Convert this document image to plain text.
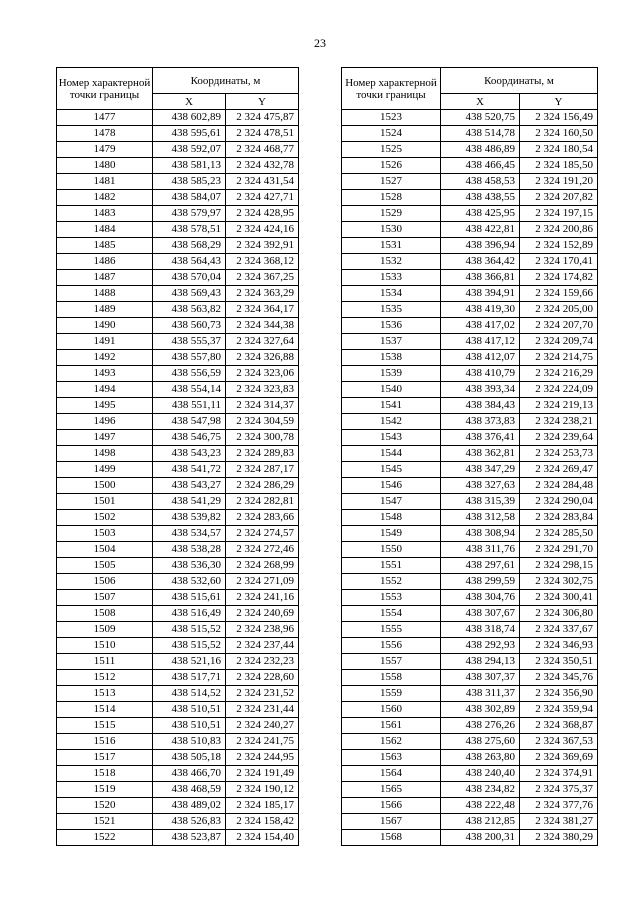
23
Номер характерной точки границы	Координаты, м	
	X	Y
1477	438 602,89	2 324 475,87
1478	438 595,61	2 324 478,51
1479	438 592,07	2 324 468,77
1480	438 581,13	2 324 432,78
1481	438 585,23	2 324 431,54
1482	438 584,07	2 324 427,71
1483	438 579,97	2 324 428,95
1484	438 578,51	2 324 424,16
1485	438 568,29	2 324 392,91
1486	438 564,43	2 324 368,12
1487	438 570,04	2 324 367,25
1488	438 569,43	2 324 363,29
1489	438 563,82	2 324 364,17
1490	438 560,73	2 324 344,38
1491	438 555,37	2 324 327,64
1492	438 557,80	2 324 326,88
1493	438 556,59	2 324 323,06
1494	438 554,14	2 324 323,83
1495	438 551,11	2 324 314,37
1496	438 547,98	2 324 304,59
1497	438 546,75	2 324 300,78
1498	438 543,23	2 324 289,83
1499	438 541,72	2 324 287,17
1500	438 543,27	2 324 286,29
1501	438 541,29	2 324 282,81
1502	438 539,82	2 324 283,66
1503	438 534,57	2 324 274,57
1504	438 538,28	2 324 272,46
1505	438 536,30	2 324 268,99
1506	438 532,60	2 324 271,09
1507	438 515,61	2 324 241,16
1508	438 516,49	2 324 240,69
1509	438 515,52	2 324 238,96
1510	438 515,52	2 324 237,44
1511	438 521,16	2 324 232,23
1512	438 517,71	2 324 228,60
1513	438 514,52	2 324 231,52
1514	438 510,51	2 324 231,44
1515	438 510,51	2 324 240,27
1516	438 510,83	2 324 241,75
1517	438 505,18	2 324 244,95
1518	438 466,70	2 324 191,49
1519	438 468,59	2 324 190,12
1520	438 489,02	2 324 185,17
1521	438 526,83	2 324 158,42
1522	438 523,87	2 324 154,40
Номер характерной точки границы	Координаты, м	
	X	Y
1523	438 520,75	2 324 156,49
1524	438 514,78	2 324 160,50
1525	438 486,89	2 324 180,54
1526	438 466,45	2 324 185,50
1527	438 458,53	2 324 191,20
1528	438 438,55	2 324 207,82
1529	438 425,95	2 324 197,15
1530	438 422,81	2 324 200,86
1531	438 396,94	2 324 152,89
1532	438 364,42	2 324 170,41
1533	438 366,81	2 324 174,82
1534	438 394,91	2 324 159,66
1535	438 419,30	2 324 205,00
1536	438 417,02	2 324 207,70
1537	438 417,12	2 324 209,74
1538	438 412,07	2 324 214,75
1539	438 410,79	2 324 216,29
1540	438 393,34	2 324 224,09
1541	438 384,43	2 324 219,13
1542	438 373,83	2 324 238,21
1543	438 376,41	2 324 239,64
1544	438 362,81	2 324 253,73
1545	438 347,29	2 324 269,47
1546	438 327,63	2 324 284,48
1547	438 315,39	2 324 290,04
1548	438 312,58	2 324 283,84
1549	438 308,94	2 324 285,50
1550	438 311,76	2 324 291,70
1551	438 297,61	2 324 298,15
1552	438 299,59	2 324 302,75
1553	438 304,76	2 324 300,41
1554	438 307,67	2 324 306,80
1555	438 318,74	2 324 337,67
1556	438 292,93	2 324 346,93
1557	438 294,13	2 324 350,51
1558	438 307,37	2 324 345,76
1559	438 311,37	2 324 356,90
1560	438 302,89	2 324 359,94
1561	438 276,26	2 324 368,87
1562	438 275,60	2 324 367,53
1563	438 263,80	2 324 369,69
1564	438 240,40	2 324 374,91
1565	438 234,82	2 324 375,37
1566	438 222,48	2 324 377,76
1567	438 212,85	2 324 381,27
1568	438 200,31	2 324 380,29
